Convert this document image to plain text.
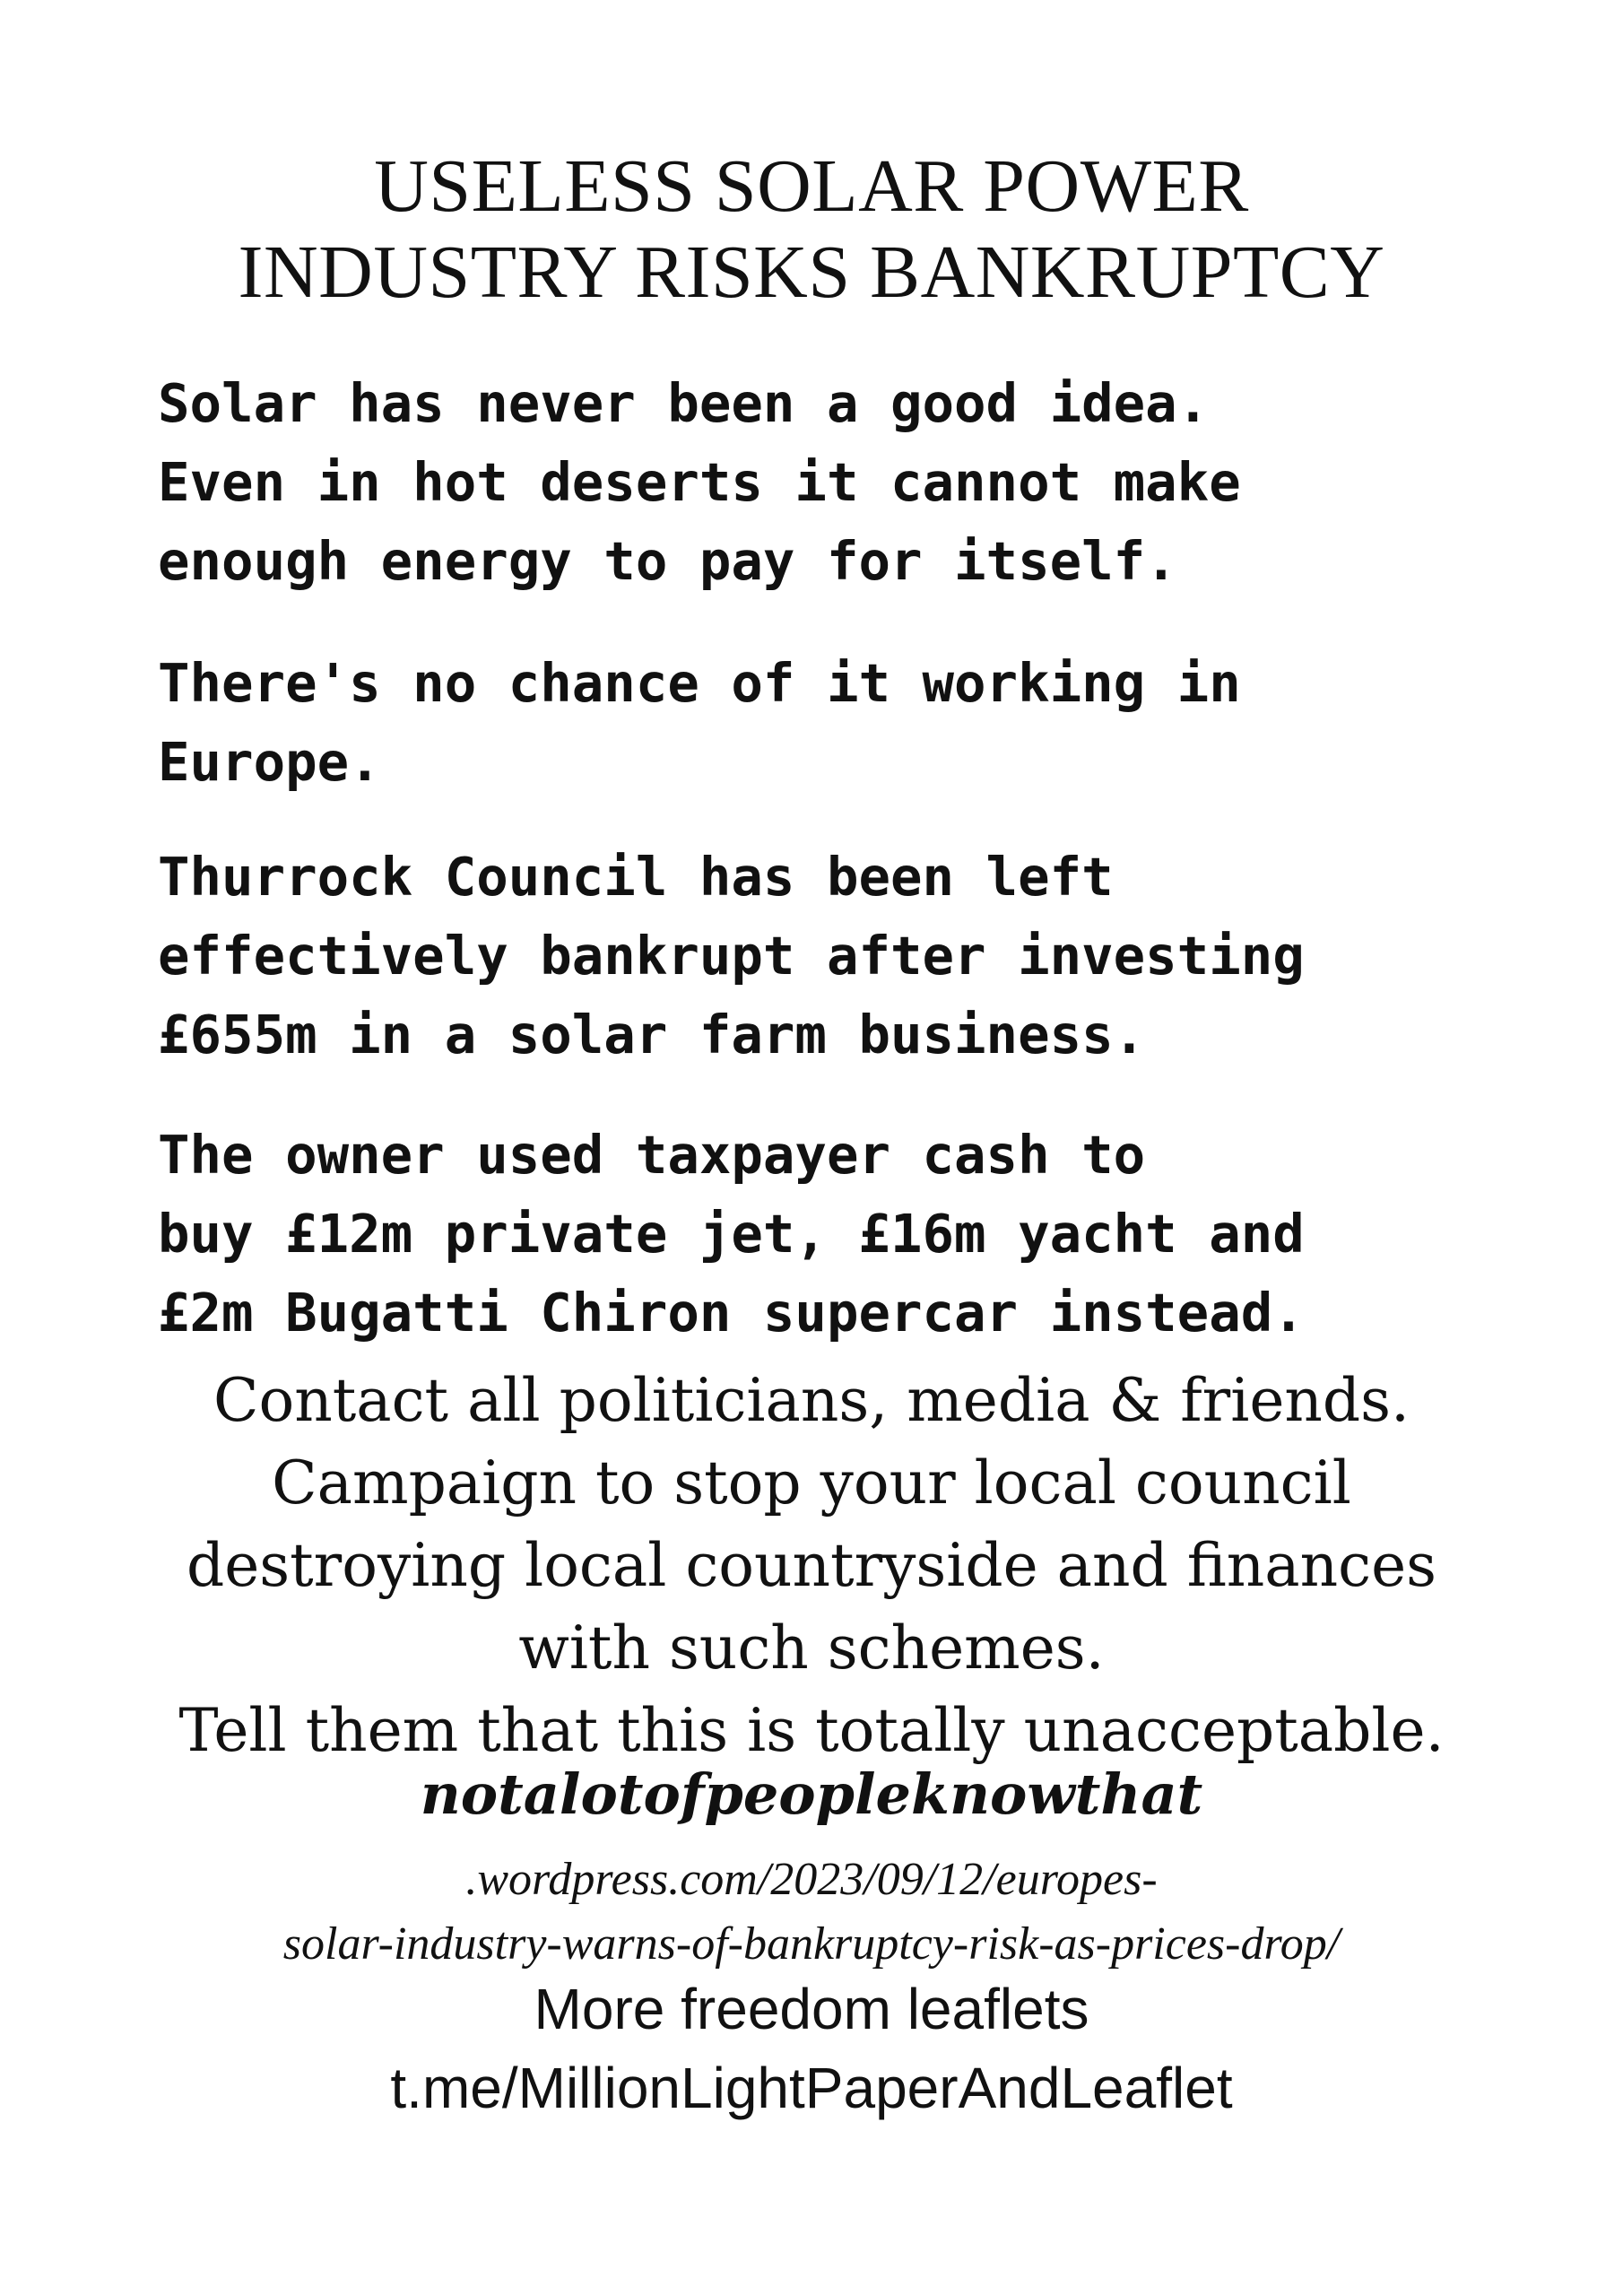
USELESS SOLAR POWER
INDUSTRY RISKS BANKRUPTCY

Solar has never been a good idea.
Even in hot deserts it cannot make
enough energy to pay for itself.

There's no chance of it working in
Europe.

Thurrock Council has been left
effectively bankrupt after investing
£655m in a solar farm business.

The owner used taxpayer cash to
buy £12m private jet, £16m yacht and
£2m Bugatti Chiron supercar instead.

Contact all politicians, media & friends.
Campaign to stop your local council
destroying local countryside and finances
with such schemes.
Tell them that this is totally unacceptable.

notalotofpeopleknowthat

.wordpress.com/2023/09/12/europes-
solar-industry-warns-of-bankruptcy-risk-as-prices-drop/

More freedom leaflets
t.me/MillionLightPaperAndLeaflet
